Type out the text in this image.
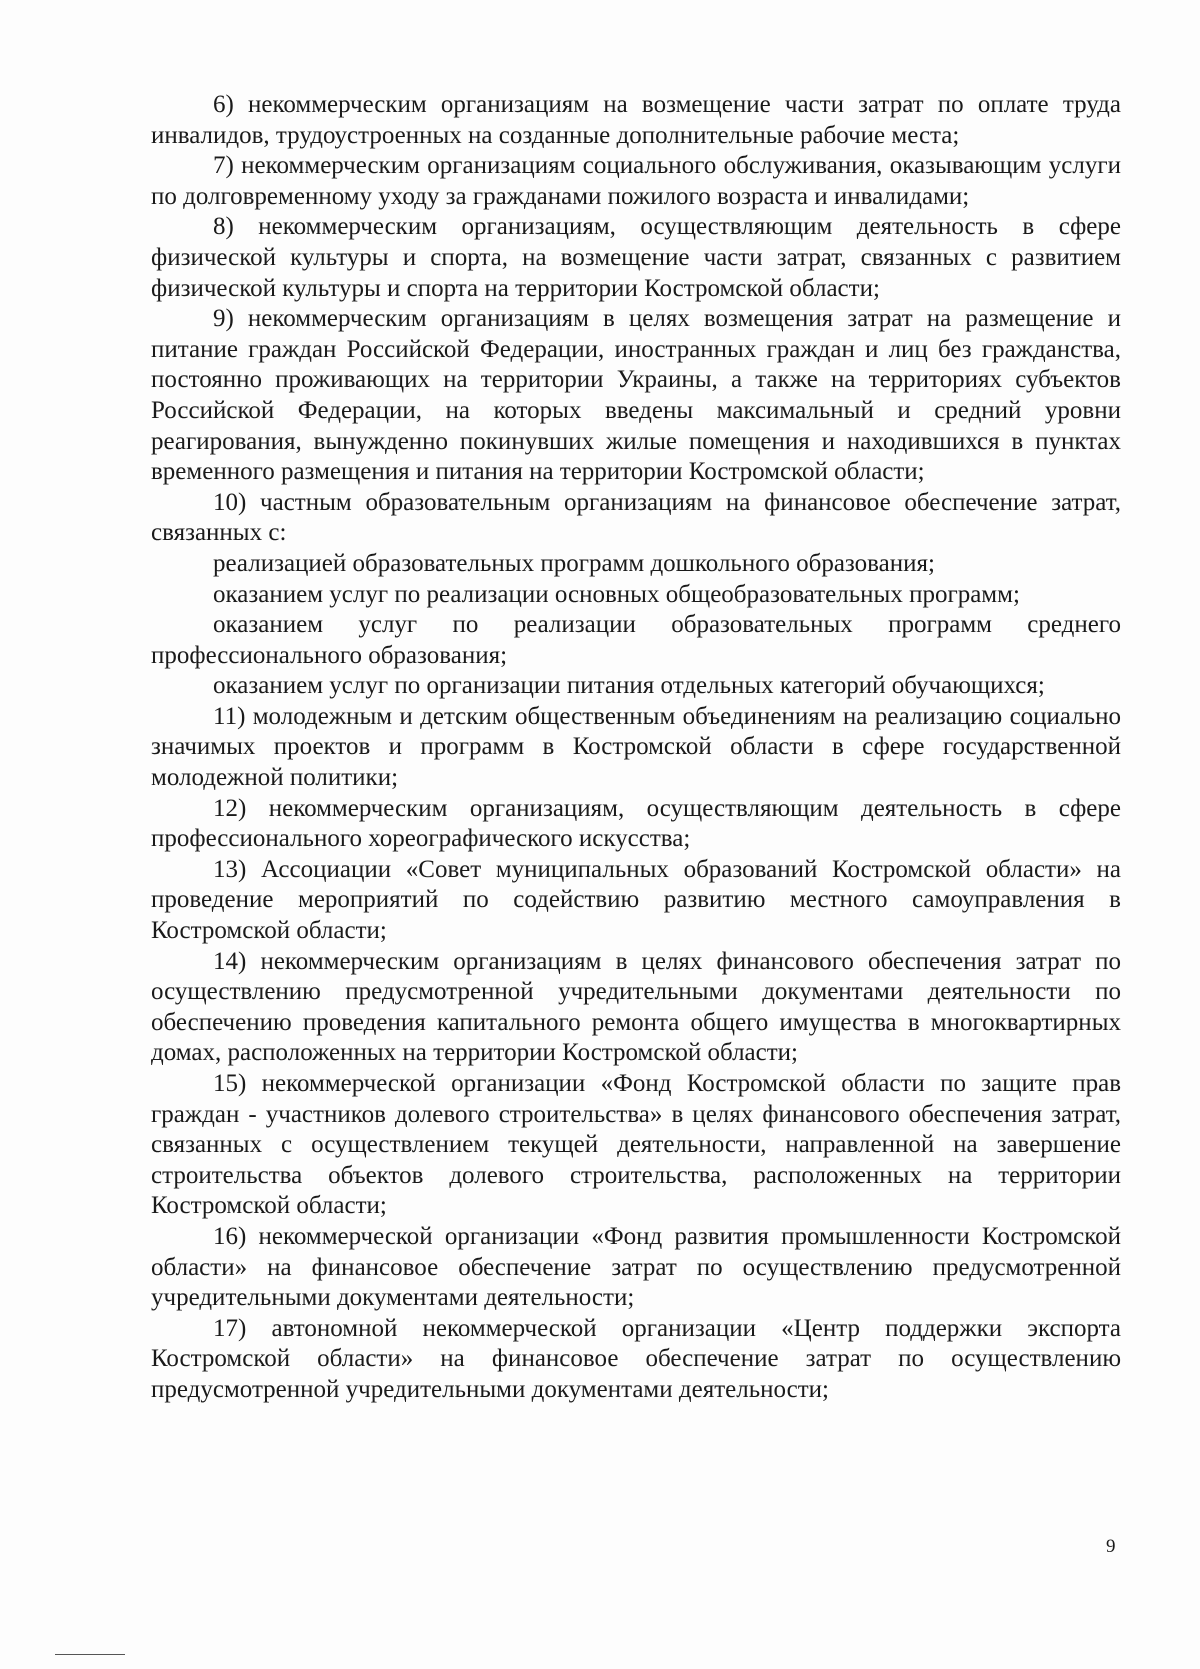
6) некоммерческим организациям на возмещение части затрат по оплате труда инвалидов, трудоустроенных на созданные дополнительные рабочие места;

7) некоммерческим организациям социального обслуживания, оказывающим услуги по долговременному уходу за гражданами пожилого возраста и инвалидами;

8) некоммерческим организациям, осуществляющим деятельность в сфере физической культуры и спорта, на возмещение части затрат, связанных с развитием физической культуры и спорта на территории Костромской области;

9) некоммерческим организациям в целях возмещения затрат на размещение и питание граждан Российской Федерации, иностранных граждан и лиц без гражданства, постоянно проживающих на территории Украины, а также на территориях субъектов Российской Федерации, на которых введены максимальный и средний уровни реагирования, вынужденно покинувших жилые помещения и находившихся в пунктах временного размещения и питания на территории Костромской области;

10) частным образовательным организациям на финансовое обеспечение затрат, связанных с:

реализацией образовательных программ дошкольного образования;

оказанием услуг по реализации основных общеобразовательных программ;

оказанием услуг по реализации образовательных программ среднего профессионального образования;

оказанием услуг по организации питания отдельных категорий обучающихся;

11) молодежным и детским общественным объединениям на реализацию социально значимых проектов и программ в Костромской области в сфере государственной молодежной политики;

12) некоммерческим организациям, осуществляющим деятельность в сфере профессионального хореографического искусства;

13) Ассоциации «Совет муниципальных образований Костромской области» на проведение мероприятий по содействию развитию местного самоуправления в Костромской области;

14) некоммерческим организациям в целях финансового обеспечения затрат по осуществлению предусмотренной учредительными документами деятельности по обеспечению проведения капитального ремонта общего имущества в многоквартирных домах, расположенных на территории Костромской области;

15) некоммерческой организации «Фонд Костромской области по защите прав граждан - участников долевого строительства» в целях финансового обеспечения затрат, связанных с осуществлением текущей деятельности, направленной на завершение строительства объектов долевого строительства, расположенных на территории Костромской области;

16) некоммерческой организации «Фонд развития промышленности Костромской области» на финансовое обеспечение затрат по осуществлению предусмотренной учредительными документами деятельности;

17) автономной некоммерческой организации «Центр поддержки экспорта Костромской области» на финансовое обеспечение затрат по осуществлению предусмотренной учредительными документами деятельности;

9
